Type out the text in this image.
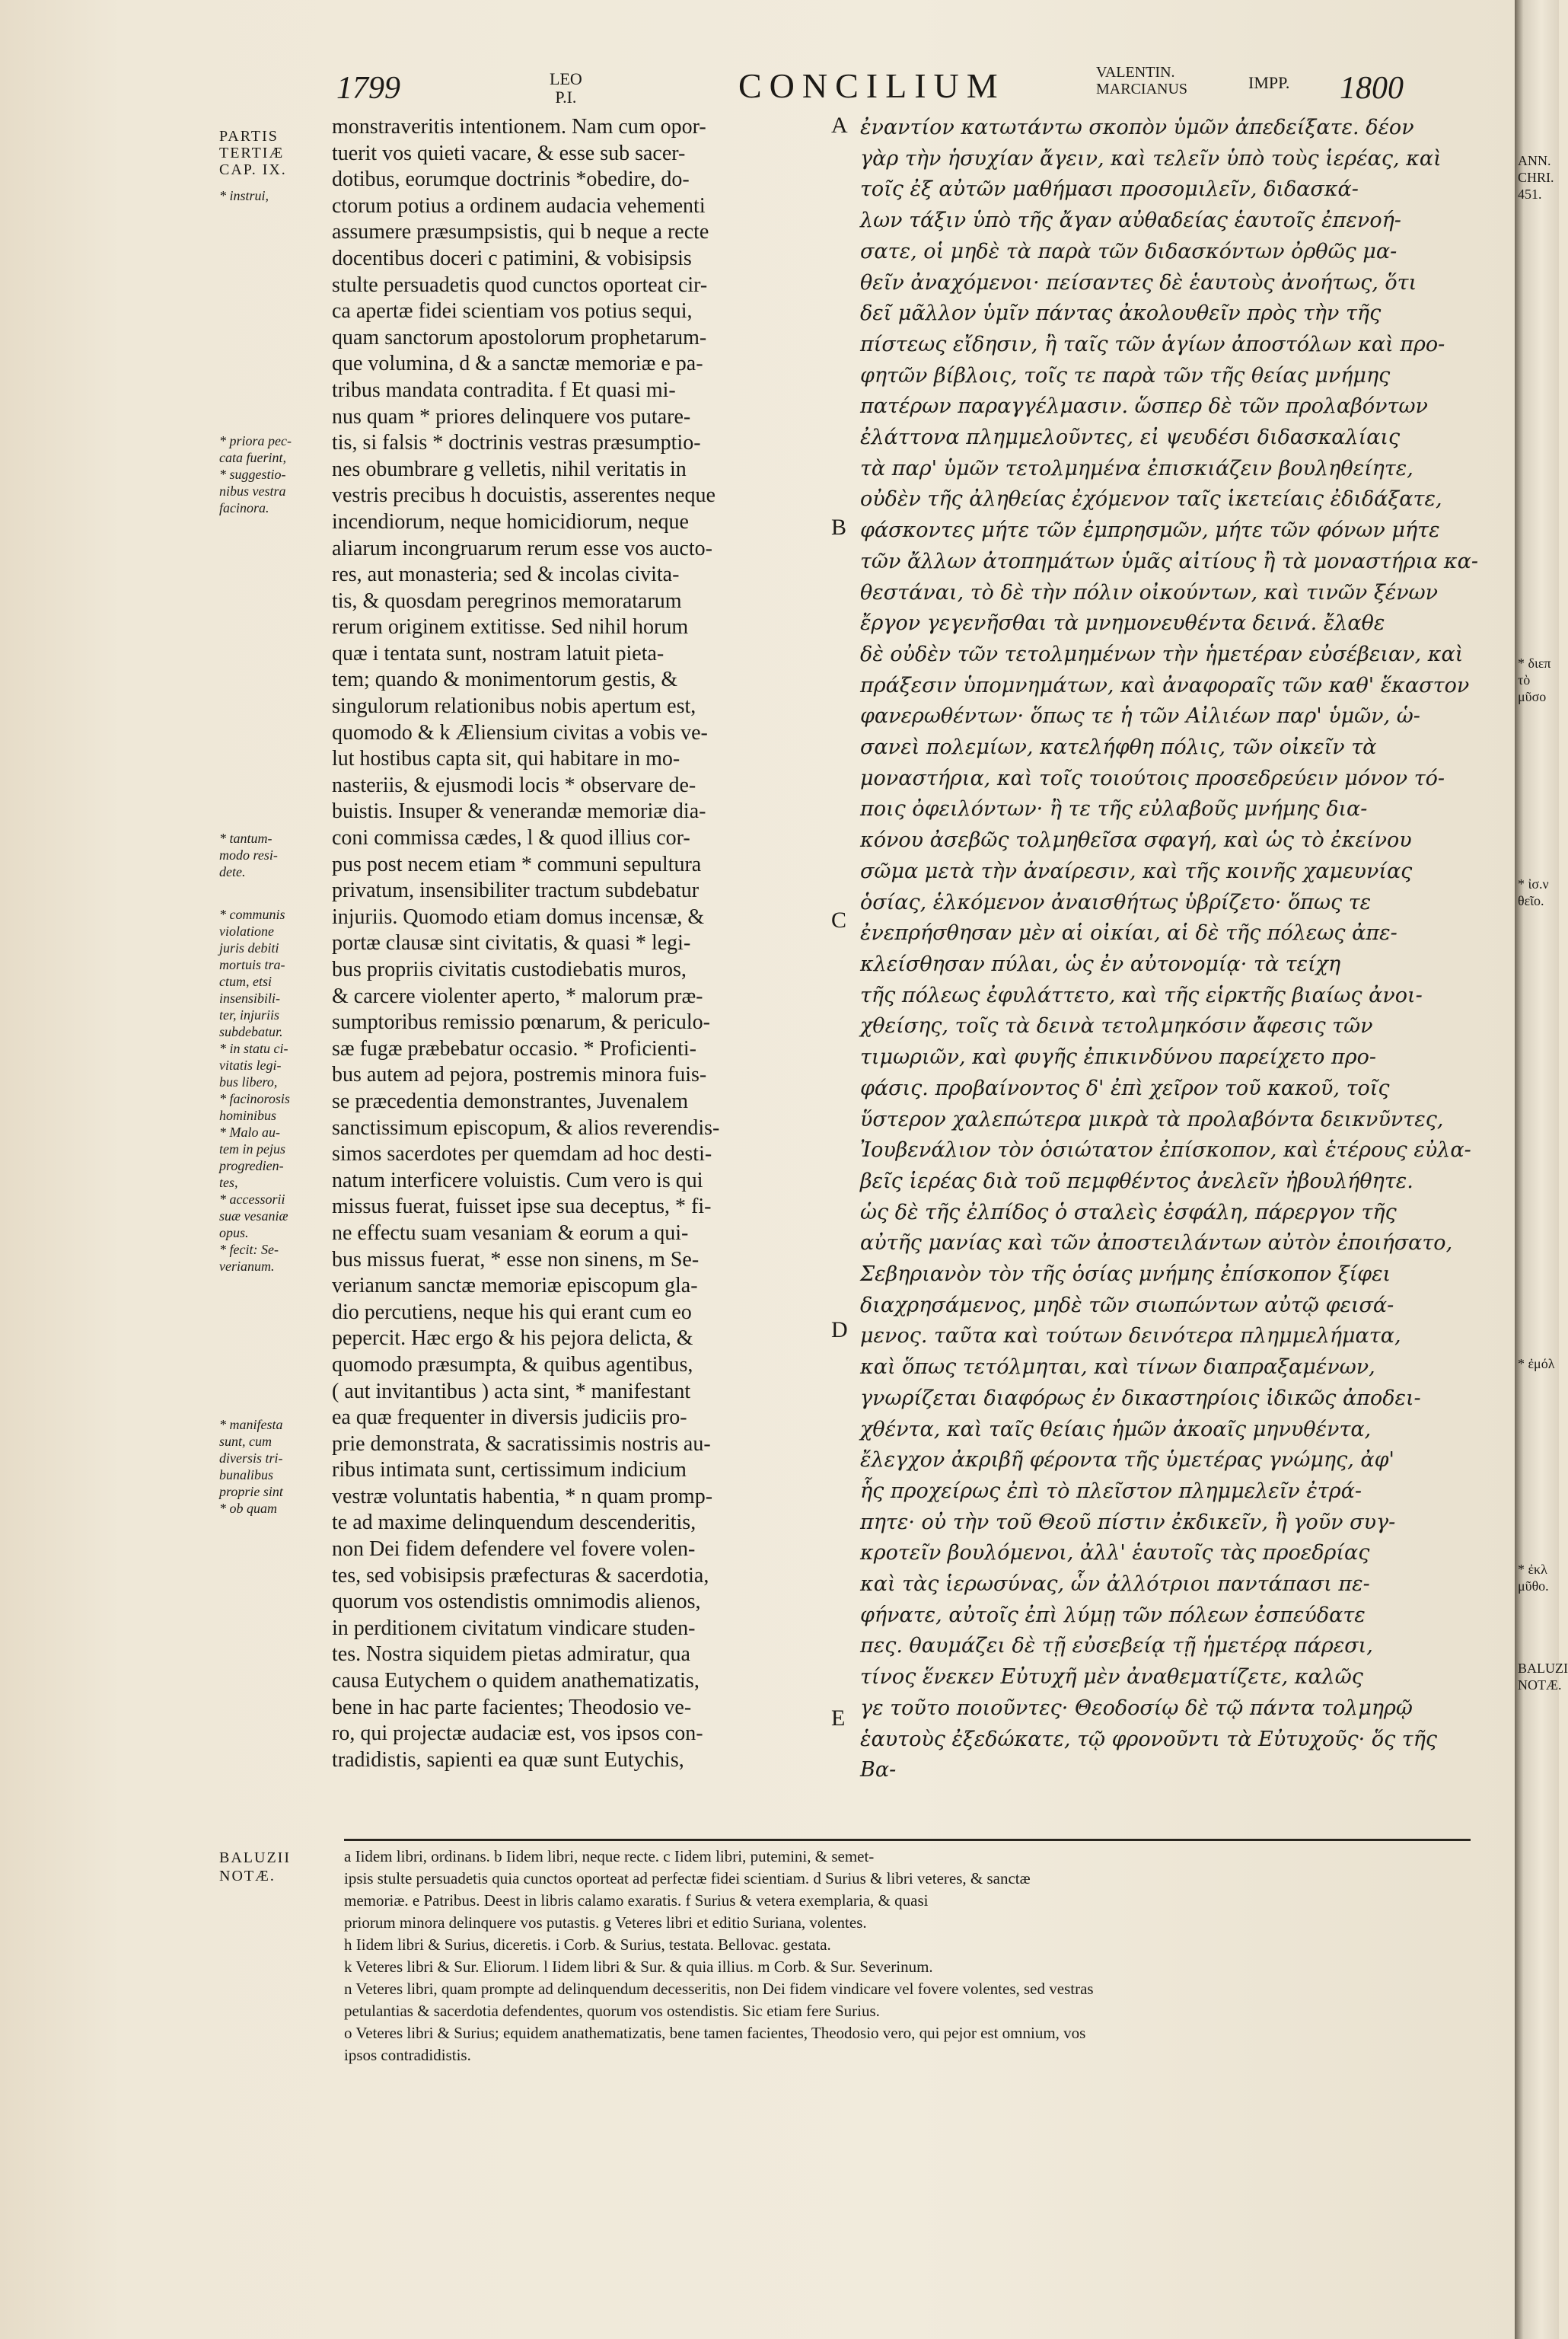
1799	LEO
P.I.	CONCILIUM	VALENTIN.
MARCIANUS	IMPP. 1800
PARTIS
TERTIÆ
CAP. IX.
* instrui,
* priora pec-
cata fuerint,
* suggestio-
nibus vestra
facinora.
* tantum-
modo resi-
dete.
* communis
violatione
juris debiti
mortuis tra-
ctum, etsi
insensibili-
ter, injuriis
subdebatur.
* in statu ci-
vitatis legi-
bus libero,
* facinorosis
hominibus
* Malo au-
tem in pejus
progredien-
tes,
* accessorii
suæ vesaniæ
opus.
* fecit: Se-
verianum.
* manifesta
sunt, cum
diversis tri-
bunalibus
proprie sint
* ob quam
monstraveritis intentionem. Nam cum opor-
tuerit vos quieti vacare, & esse sub sacer-
dotibus, eorumque doctrinis *obedire, do-
ctorum potius a ordinem audacia vehementi
assumere præsumpsistis, qui b neque a recte
docentibus doceri c patimini, & vobisipsis
stulte persuadetis quod cunctos oporteat cir-
ca apertæ fidei scientiam vos potius sequi,
quam sanctorum apostolorum prophetarum-
que volumina, d & a sanctæ memoriæ e pa-
tribus mandata contradita. f Et quasi mi-
nus quam * priores delinquere vos putare-
tis, si falsis * doctrinis vestras præsumptio-
nes obumbrare g velletis, nihil veritatis in
vestris precibus h docuistis, asserentes neque
incendiorum, neque homicidiorum, neque
aliarum incongruarum rerum esse vos aucto-
res, aut monasteria; sed & incolas civita-
tis, & quosdam peregrinos memoratarum
rerum originem extitisse. Sed nihil horum
quæ i tentata sunt, nostram latuit pieta-
tem; quando & monimentorum gestis, &
singulorum relationibus nobis apertum est,
quomodo & k Æliensium civitas a vobis ve-
lut hostibus capta sit, qui habitare in mo-
nasteriis, & ejusmodi locis * observare de-
buistis. Insuper & venerandæ memoriæ dia-
coni commissa cædes, l & quod illius cor-
pus post necem etiam * communi sepultura
privatum, insensibiliter tractum subdebatur
injuriis. Quomodo etiam domus incensæ, &
portæ clausæ sint civitatis, & quasi * legi-
bus propriis civitatis custodiebatis muros,
& carcere violenter aperto, * malorum præ-
sumptoribus remissio pœnarum, & periculo-
sæ fugæ præbebatur occasio. * Proficienti-
bus autem ad pejora, postremis minora fuis-
se præcedentia demonstrantes, Juvenalem
sanctissimum episcopum, & alios reverendis-
simos sacerdotes per quemdam ad hoc desti-
natum interficere voluistis. Cum vero is qui
missus fuerat, fuisset ipse sua deceptus, * fi-
ne effectu suam vesaniam & eorum a qui-
bus missus fuerat, * esse non sinens, m Se-
verianum sanctæ memoriæ episcopum gla-
dio percutiens, neque his qui erant cum eo
pepercit. Hæc ergo & his pejora delicta, &
quomodo præsumpta, & quibus agentibus,
( aut invitantibus ) acta sint, * manifestant
ea quæ frequenter in diversis judiciis pro-
prie demonstrata, & sacratissimis nostris au-
ribus intimata sunt, certissimum indicium
vestræ voluntatis habentia, * n quam promp-
te ad maxime delinquendum descenderitis,
non Dei fidem defendere vel fovere volen-
tes, sed vobisipsis præfecturas & sacerdotia,
quorum vos ostendistis omnimodis alienos,
in perditionem civitatum vindicare studen-
tes. Nostra siquidem pietas admiratur, qua
causa Eutychem o quidem anathematizatis,
bene in hac parte facientes; Theodosio ve-
ro, qui projectæ audaciæ est, vos ipsos con-
tradidistis, sapienti ea quæ sunt Eutychis,
A
B
C
D
E
ἐναντίον κατωτάντω σκοπὸν ὑμῶν ἀπεδείξατε. δέον
γὰρ τὴν ἡσυχίαν ἄγειν, καὶ τελεῖν ὑπὸ τοὺς ἱερέας, καὶ
τοῖς ἐξ αὐτῶν μαθήμασι προσομιλεῖν, διδασκά-
λων τάξιν ὑπὸ τῆς ἄγαν αὐθαδείας ἑαυτοῖς ἐπενοή-
σατε, οἱ μηδὲ τὰ παρὰ τῶν διδασκόντων ὀρθῶς μα-
θεῖν ἀναχόμενοι· πείσαντες δὲ ἑαυτοὺς ἀνοήτως, ὅτι
δεῖ μᾶλλον ὑμῖν πάντας ἀκολουθεῖν πρὸς τὴν τῆς
πίστεως εἴδησιν, ἢ ταῖς τῶν ἁγίων ἀποστόλων καὶ προ-
φητῶν βίβλοις, τοῖς τε παρὰ τῶν τῆς θείας μνήμης
πατέρων παραγγέλμασιν. ὥσπερ δὲ τῶν προλαβόντων
ἐλάττονα πλημμελοῦντες, εἰ ψευδέσι διδασκαλίαις
τὰ παρ' ὑμῶν τετολμημένα ἐπισκιάζειν βουληθείητε,
οὐδὲν τῆς ἀληθείας ἐχόμενον ταῖς ἱκετείαις ἐδιδάξατε,
φάσκοντες μήτε τῶν ἐμπρησμῶν, μήτε τῶν φόνων μήτε
τῶν ἄλλων ἀτοπημάτων ὑμᾶς αἰτίους ἢ τὰ μοναστήρια κα-
θεστάναι, τὸ δὲ τὴν πόλιν οἰκούντων, καὶ τινῶν ξένων
ἔργον γεγενῆσθαι τὰ μνημονευθέντα δεινά. ἔλαθε
δὲ οὐδὲν τῶν τετολμημένων τὴν ἡμετέραν εὐσέβειαν, καὶ
πράξεσιν ὑπομνημάτων, καὶ ἀναφοραῖς τῶν καθ' ἕκαστον
φανερωθέντων· ὅπως τε ἡ τῶν Αἰλιέων παρ' ὑμῶν, ὡ-
σανεὶ πολεμίων, κατελήφθη πόλις, τῶν οἰκεῖν τὰ
μοναστήρια, καὶ τοῖς τοιούτοις προσεδρεύειν μόνον τό-
ποις ὀφειλόντων· ἢ τε τῆς εὐλαβοῦς μνήμης δια-
κόνου ἀσεβῶς τολμηθεῖσα σφαγή, καὶ ὡς τὸ ἐκείνου
σῶμα μετὰ τὴν ἀναίρεσιν, καὶ τῆς κοινῆς χαμευνίας
ὁσίας, ἑλκόμενον ἀναισθήτως ὑβρίζετο· ὅπως τε
ἐνεπρήσθησαν μὲν αἱ οἰκίαι, αἱ δὲ τῆς πόλεως ἀπε-
κλείσθησαν πύλαι, ὡς ἐν αὐτονομίᾳ· τὰ τείχη
τῆς πόλεως ἐφυλάττετο, καὶ τῆς εἱρκτῆς βιαίως ἀνοι-
χθείσης, τοῖς τὰ δεινὰ τετολμηκόσιν ἄφεσις τῶν
τιμωριῶν, καὶ φυγῆς ἐπικινδύνου παρείχετο προ-
φάσις. προβαίνοντος δ' ἐπὶ χεῖρον τοῦ κακοῦ, τοῖς
ὕστερον χαλεπώτερα μικρὰ τὰ προλαβόντα δεικνῦντες,
Ἰουβενάλιον τὸν ὁσιώτατον ἐπίσκοπον, καὶ ἑτέρους εὐλα-
βεῖς ἱερέας διὰ τοῦ πεμφθέντος ἀνελεῖν ἠβουλήθητε.
ὡς δὲ τῆς ἐλπίδος ὁ σταλεὶς ἐσφάλη, πάρεργον τῆς
αὐτῆς μανίας καὶ τῶν ἀποστειλάντων αὐτὸν ἐποιήσατο,
Σεβηριανὸν τὸν τῆς ὁσίας μνήμης ἐπίσκοπον ξίφει
διαχρησάμενος, μηδὲ τῶν σιωπώντων αὐτῷ φεισά-
μενος. ταῦτα καὶ τούτων δεινότερα πλημμελήματα,
καὶ ὅπως τετόλμηται, καὶ τίνων διαπραξαμένων,
γνωρίζεται διαφόρως ἐν δικαστηρίοις ἰδικῶς ἀποδει-
χθέντα, καὶ ταῖς θείαις ἡμῶν ἀκοαῖς μηνυθέντα,
ἔλεγχον ἀκριβῆ φέροντα τῆς ὑμετέρας γνώμης, ἀφ'
ἧς προχείρως ἐπὶ τὸ πλεῖστον πλημμελεῖν ἐτρά-
πητε· οὐ τὴν τοῦ Θεοῦ πίστιν ἐκδικεῖν, ἢ γοῦν συγ-
κροτεῖν βουλόμενοι, ἀλλ' ἑαυτοῖς τὰς προεδρίας
καὶ τὰς ἱερωσύνας, ὧν ἀλλότριοι παντάπασι πε-
φήνατε, αὐτοῖς ἐπὶ λύμῃ τῶν πόλεων ἐσπεύδατε
πες. θαυμάζει δὲ τῇ εὐσεβείᾳ τῇ ἡμετέρᾳ πάρεσι,
τίνος ἕνεκεν Εὐτυχῆ μὲν ἀναθεματίζετε, καλῶς
γε τοῦτο ποιοῦντες· Θεοδοσίῳ δὲ τῷ πάντα τολμηρῷ
ἑαυτοὺς ἐξεδώκατε, τῷ φρονοῦντι τὰ Εὐτυχοῦς· ὅς τῆς
Βα-
BALUZII
NOTÆ.
a Iidem libri, ordinans. b Iidem libri, neque recte. c Iidem libri, putemini, & semet-
ipsis stulte persuadetis quia cunctos oporteat ad perfectæ fidei scientiam. d Surius & libri veteres, & sanctæ
memoriæ. e Patribus. Deest in libris calamo exaratis. f Surius & vetera exemplaria, & quasi
priorum minora delinquere vos putastis. g Veteres libri et editio Suriana, volentes.
h Iidem libri & Surius, diceretis. i Corb. & Surius, testata. Bellovac. gestata.
k Veteres libri & Sur. Eliorum. l Iidem libri & Sur. & quia illius. m Corb. & Sur. Severinum.
n Veteres libri, quam prompte ad delinquendum decesseritis, non Dei fidem vindicare vel fovere volentes, sed vestras
petulantias & sacerdotia defendentes, quorum vos ostendistis. Sic etiam fere Surius.
o Veteres libri & Surius; equidem anathematizatis, bene tamen facientes, Theodosio vero, qui pejor est omnium, vos
ipsos contradidistis.
ANN.
CHRI.
451.
* διεπ
τὸ μῦσο
* ἰσ.ν
θεῖο.
* ἐμόλ
* ἐκλ
μῦθο.
BALUZI
NOTÆ.
